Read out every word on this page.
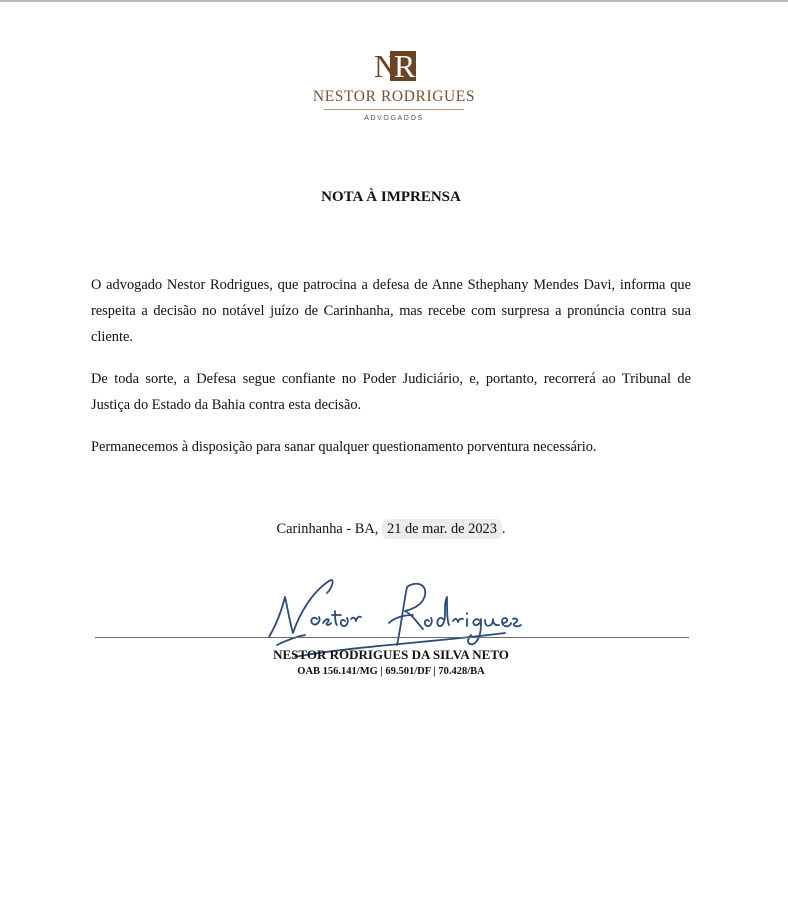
N
R
NESTOR RODRIGUES
ADVOGADOS
NOTA À IMPRENSA

O advogado Nestor Rodrigues, que patrocina a defesa de Anne Sthephany Mendes Davi, informa que respeita a decisão no notável juízo de Carinhanha, mas recebe com surpresa a pronúncia contra sua cliente.

De toda sorte, a Defesa segue confiante no Poder Judiciário, e, portanto, recorrerá ao Tribunal de Justiça do Estado da Bahia contra esta decisão.

Permanecemos à disposição para sanar qualquer questionamento porventura necessário.

Carinhanha - BA, 21 de mar. de 2023 .
NESTOR RODRIGUES DA SILVA NETO
OAB 156.141/MG | 69.501/DF | 70.428/BA
